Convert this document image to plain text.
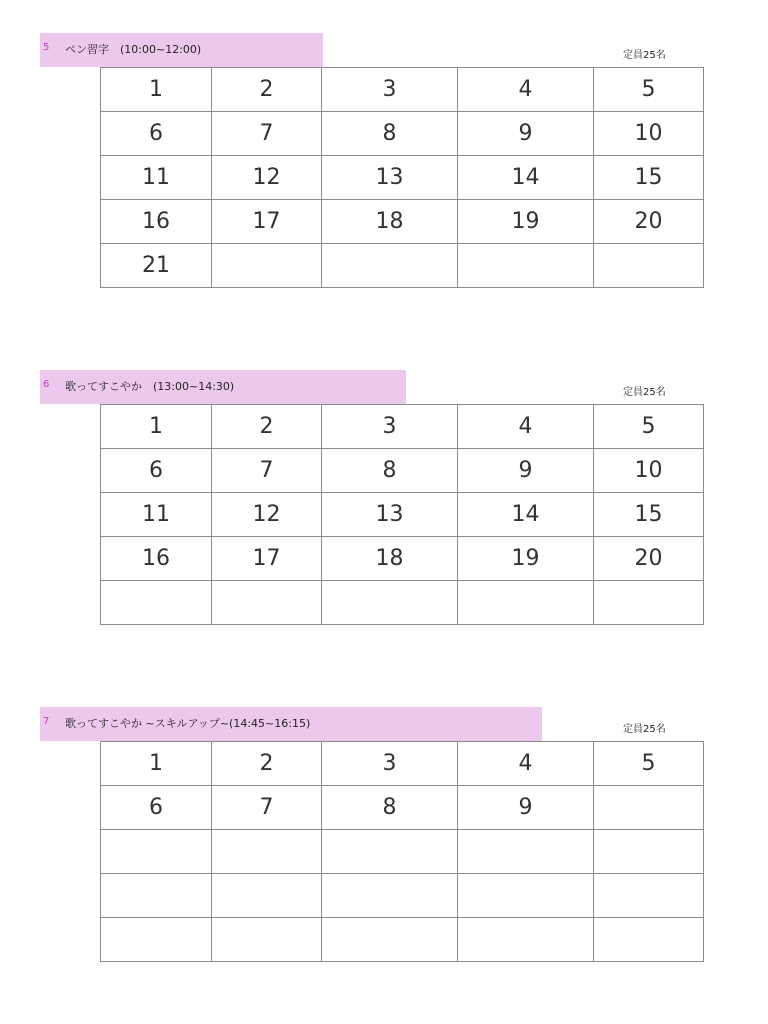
5 ペン習字　(10:00~12:00)	定員25名
1	2	3	4	5
6	7	8	9	10
11	12	13	14	15
16	17	18	19	20
21				
6 歌ってすこやか　(13:00~14:30)	定員25名
1	2	3	4	5
6	7	8	9	10
11	12	13	14	15
16	17	18	19	20

7 歌ってすこやか ~スキルアップ~(14:45~16:15)	定員25名
1	2	3	4	5
6	7	8	9	
